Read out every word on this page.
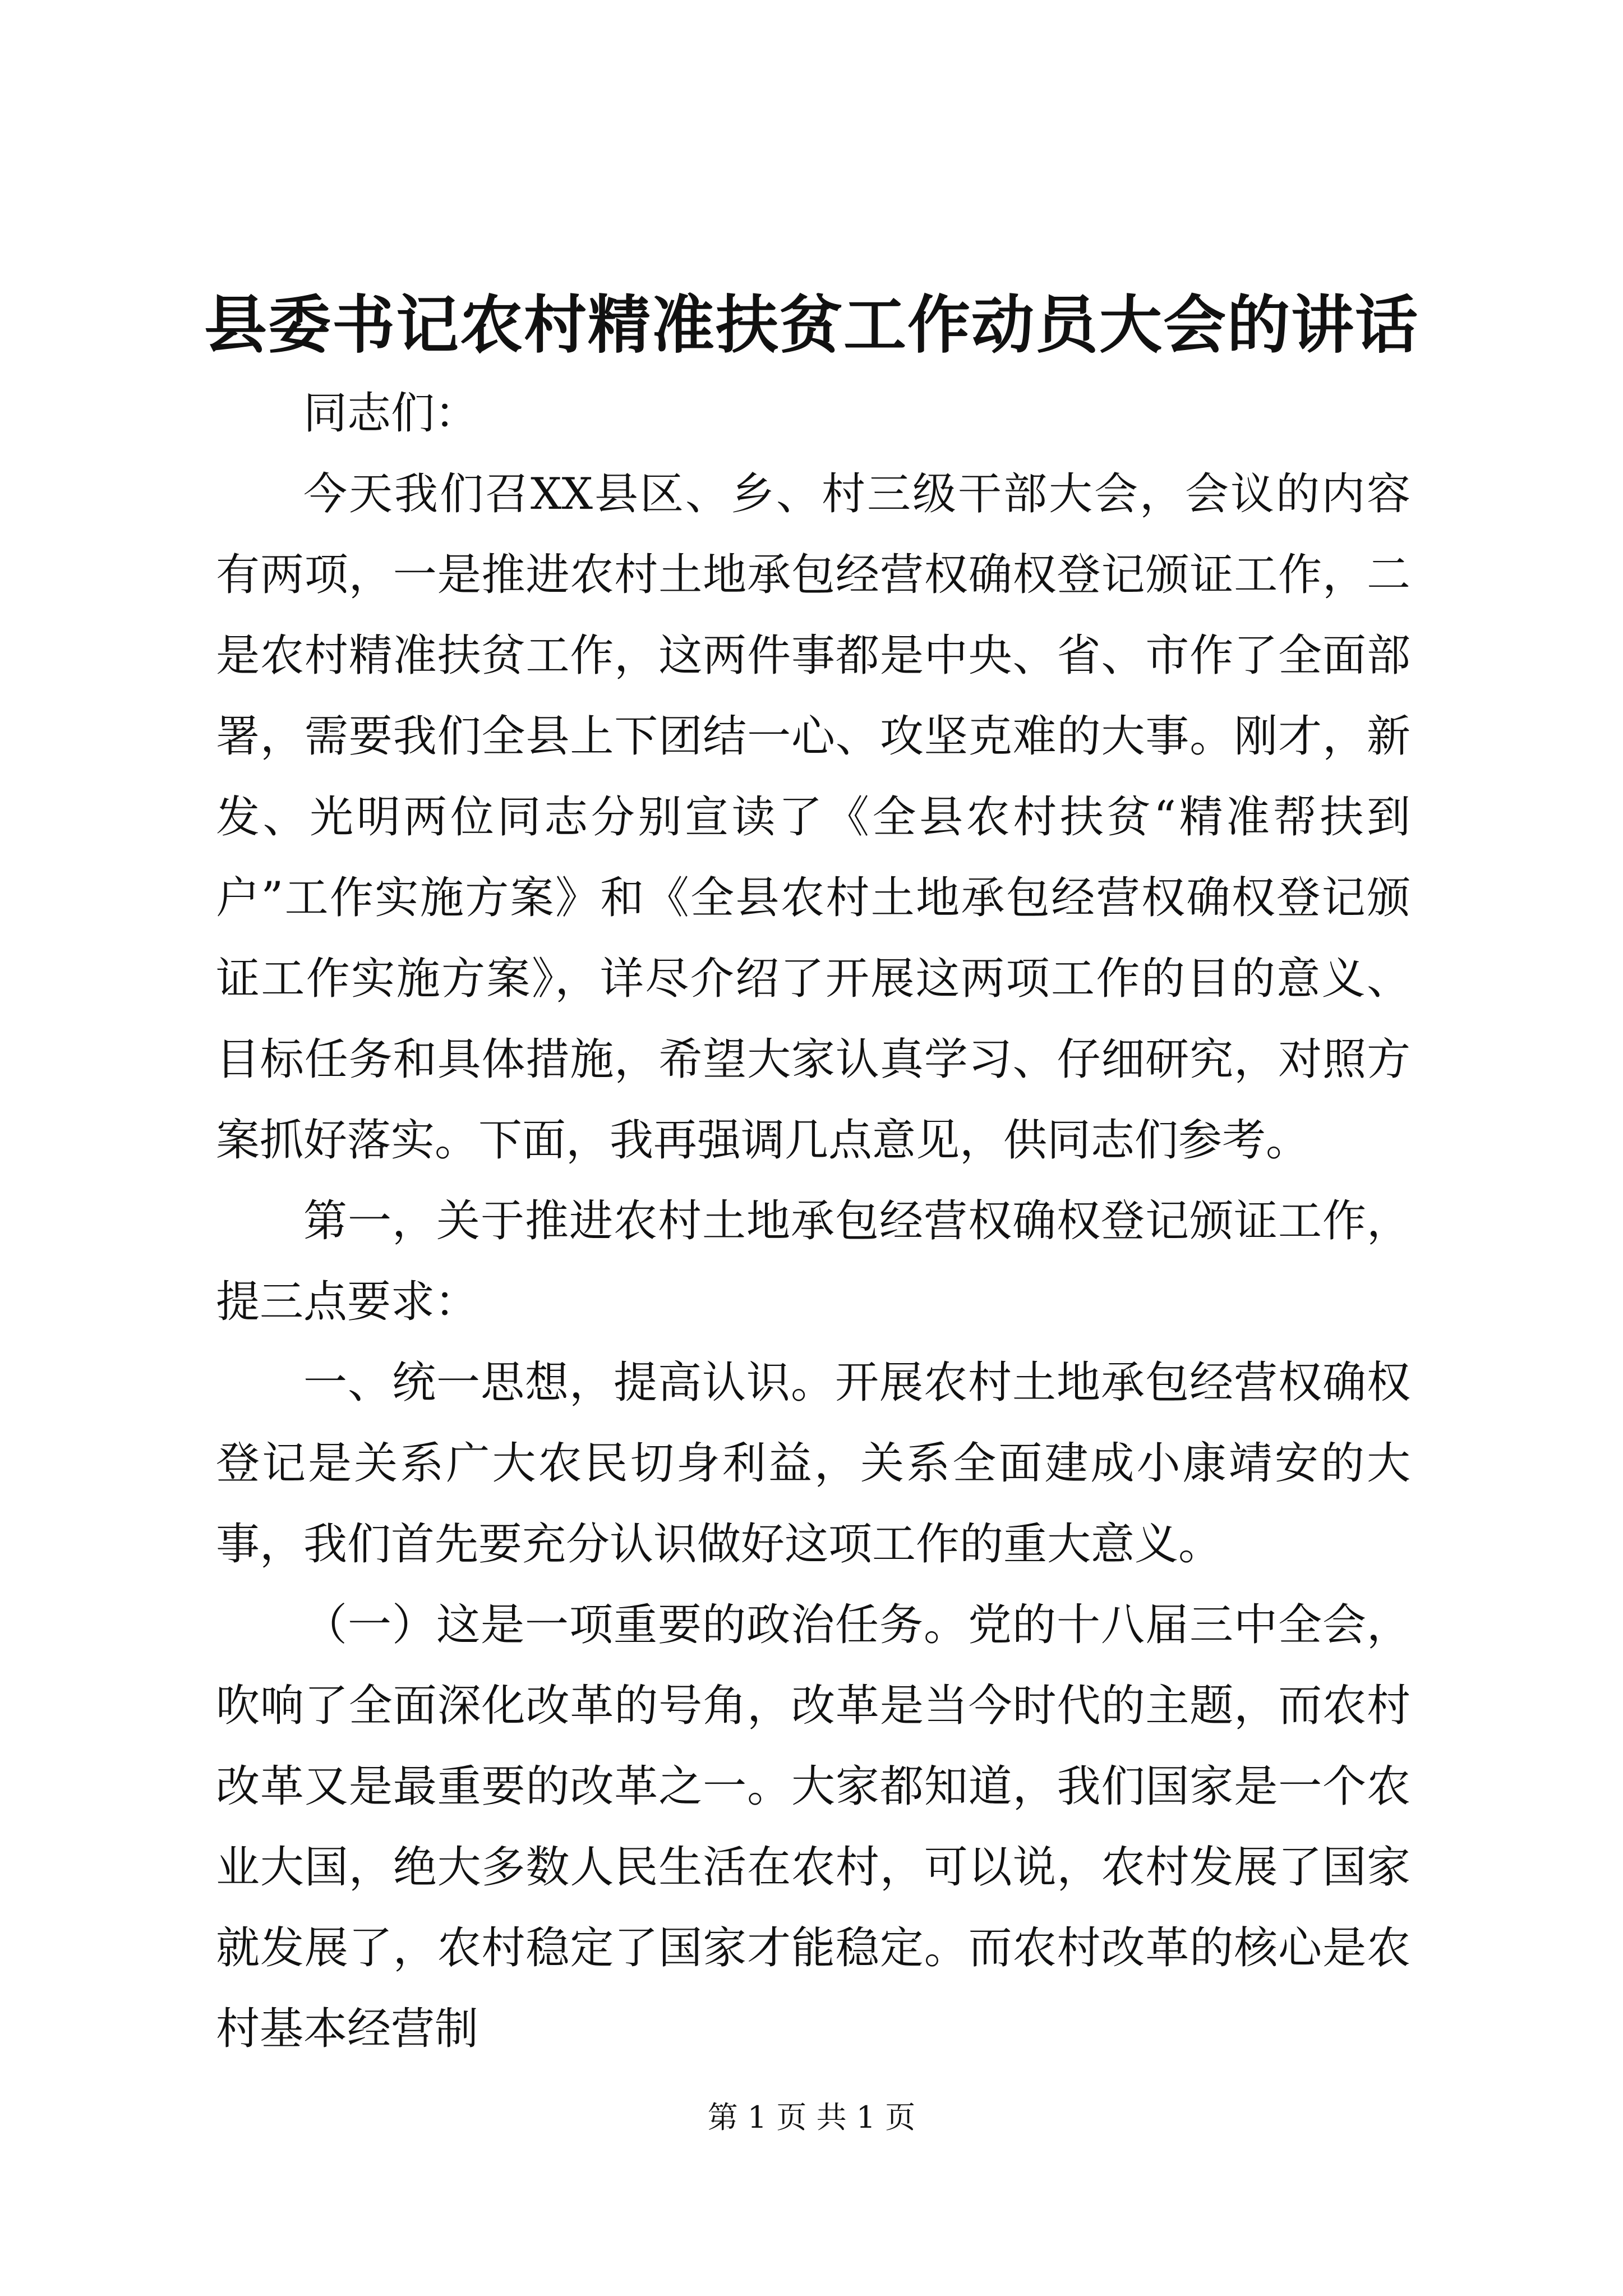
县委书记农村精准扶贫工作动员大会的讲话

同志们：

今天我们召XX县区、乡、村三级干部大会，会议的内容有两项，一是推进农村土地承包经营权确权登记颁证工作，二是农村精准扶贫工作，这两件事都是中央、省、市作了全面部署，需要我们全县上下团结一心、攻坚克难的大事。刚才，新发、光明两位同志分别宣读了《全县农村扶贫“精准帮扶到户”工作实施方案》和《全县农村土地承包经营权确权登记颁证工作实施方案》，详尽介绍了开展这两项工作的目的意义、目标任务和具体措施，希望大家认真学习、仔细研究，对照方案抓好落实。下面，我再强调几点意见，供同志们参考。

第一，关于推进农村土地承包经营权确权登记颁证工作，提三点要求：

一、统一思想，提高认识。开展农村土地承包经营权确权登记是关系广大农民切身利益，关系全面建成小康靖安的大事，我们首先要充分认识做好这项工作的重大意义。

（一）这是一项重要的政治任务。党的十八届三中全会，吹响了全面深化改革的号角，改革是当今时代的主题，而农村改革又是最重要的改革之一。大家都知道，我们国家是一个农业大国，绝大多数人民生活在农村，可以说，农村发展了国家就发展了，农村稳定了国家才能稳定。而农村改革的核心是农村基本经营制

第 1 页 共 1 页
